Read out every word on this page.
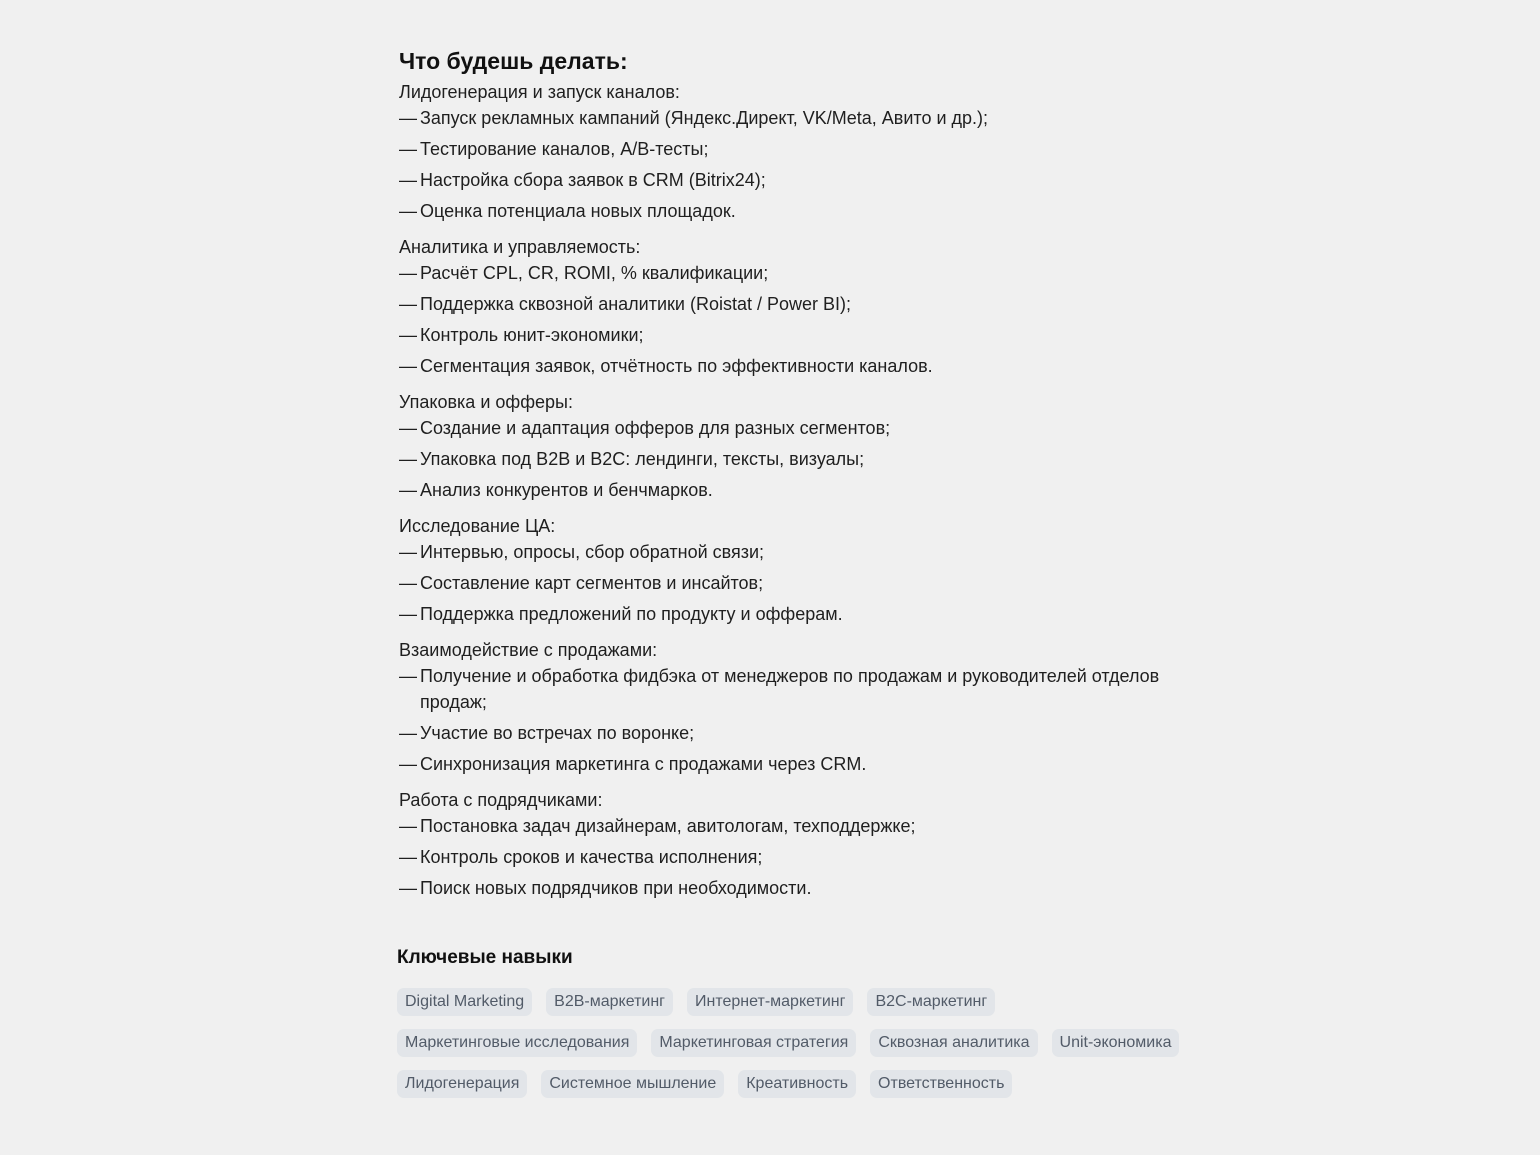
Что будешь делать:

Лидогенерация и запуск каналов:

— Запуск рекламных кампаний (Яндекс.Директ, VK/Meta, Авито и др.);
— Тестирование каналов, A/B-тесты;
— Настройка сбора заявок в CRM (Bitrix24);
— Оценка потенциала новых площадок.

Аналитика и управляемость:

— Расчёт CPL, CR, ROMI, % квалификации;
— Поддержка сквозной аналитики (Roistat / Power BI);
— Контроль юнит-экономики;
— Сегментация заявок, отчётность по эффективности каналов.

Упаковка и офферы:

— Создание и адаптация офферов для разных сегментов;
— Упаковка под B2B и B2C: лендинги, тексты, визуалы;
— Анализ конкурентов и бенчмарков.

Исследование ЦА:

— Интервью, опросы, сбор обратной связи;
— Составление карт сегментов и инсайтов;
— Поддержка предложений по продукту и офферам.

Взаимодействие с продажами:

— Получение и обработка фидбэка от менеджеров по продажам и руководителей отделов продаж;
— Участие во встречах по воронке;
— Синхронизация маркетинга с продажами через CRM.

Работа с подрядчиками:

— Постановка задач дизайнерам, авитологам, техподдержке;
— Контроль сроков и качества исполнения;
— Поиск новых подрядчиков при необходимости.
Ключевые навыки
Digital Marketing	B2B-маркетинг	Интернет-маркетинг	B2C-маркетинг
Маркетинговые исследования	Маркетинговая стратегия	Сквозная аналитика	Unit-экономика
Лидогенерация	Системное мышление	Креативность	Ответственность
